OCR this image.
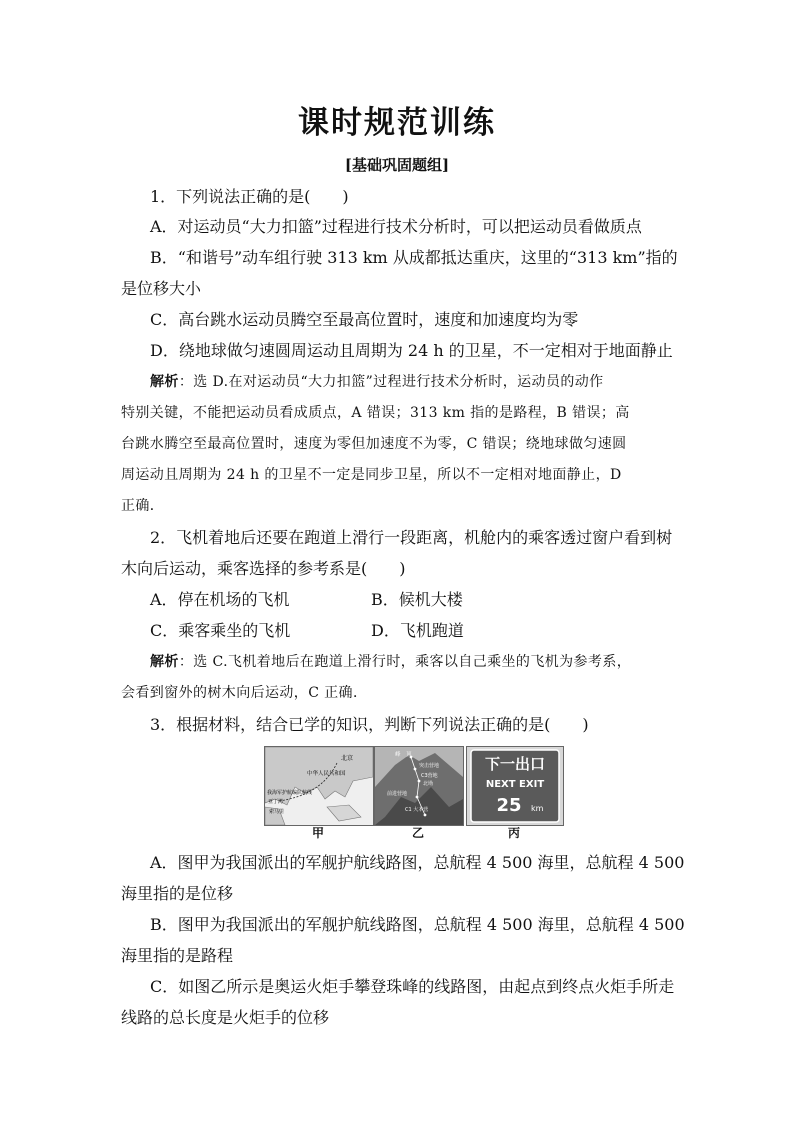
课时规范训练
[基础巩固题组]
1．下列说法正确的是(　　)
A．对运动员“大力扣篮”过程进行技术分析时，可以把运动员看做质点
B．“和谐号”动车组行驶 313 km 从成都抵达重庆，这里的“313 km”指的
是位移大小
C．高台跳水运动员腾空至最高位置时，速度和加速度均为零
D．绕地球做匀速圆周运动且周期为 24 h 的卫星，不一定相对于地面静止
解析：选 D.在对运动员“大力扣篮”过程进行技术分析时，运动员的动作
特别关键，不能把运动员看成质点，A 错误；313 km 指的是路程，B 错误；高
台跳水腾空至最高位置时，速度为零但加速度不为零，C 错误；绕地球做匀速圆
周运动且周期为 24 h 的卫星不一定是同步卫星，所以不一定相对地面静止，D
正确．
2．飞机着地后还要在跑道上滑行一段距离，机舱内的乘客透过窗户看到树
木向后运动，乘客选择的参考系是(　　)
A．停在机场的飞机	B．候机大楼
C．乘客乘坐的飞机	D．飞机跑道
解析：选 C.飞机着地后在跑道上滑行时，乘客以自己乘坐的飞机为参考系，
会看到窗外的树木向后运动，C 正确．
3．根据材料，结合已学的知识，判断下列说法正确的是(　　)
北京
中华人民共和国
我海军护航编队航线
亚丁湾
索马里
甲
峰　顶
突击营地
C3营地
北坳
前进营地
C1 大本营
乙
下一出口
NEXT EXIT
25 km
丙
A．图甲为我国派出的军舰护航线路图，总航程 4 500 海里，总航程 4 500
海里指的是位移
B．图甲为我国派出的军舰护航线路图，总航程 4 500 海里，总航程 4 500
海里指的是路程
C．如图乙所示是奥运火炬手攀登珠峰的线路图，由起点到终点火炬手所走
线路的总长度是火炬手的位移
